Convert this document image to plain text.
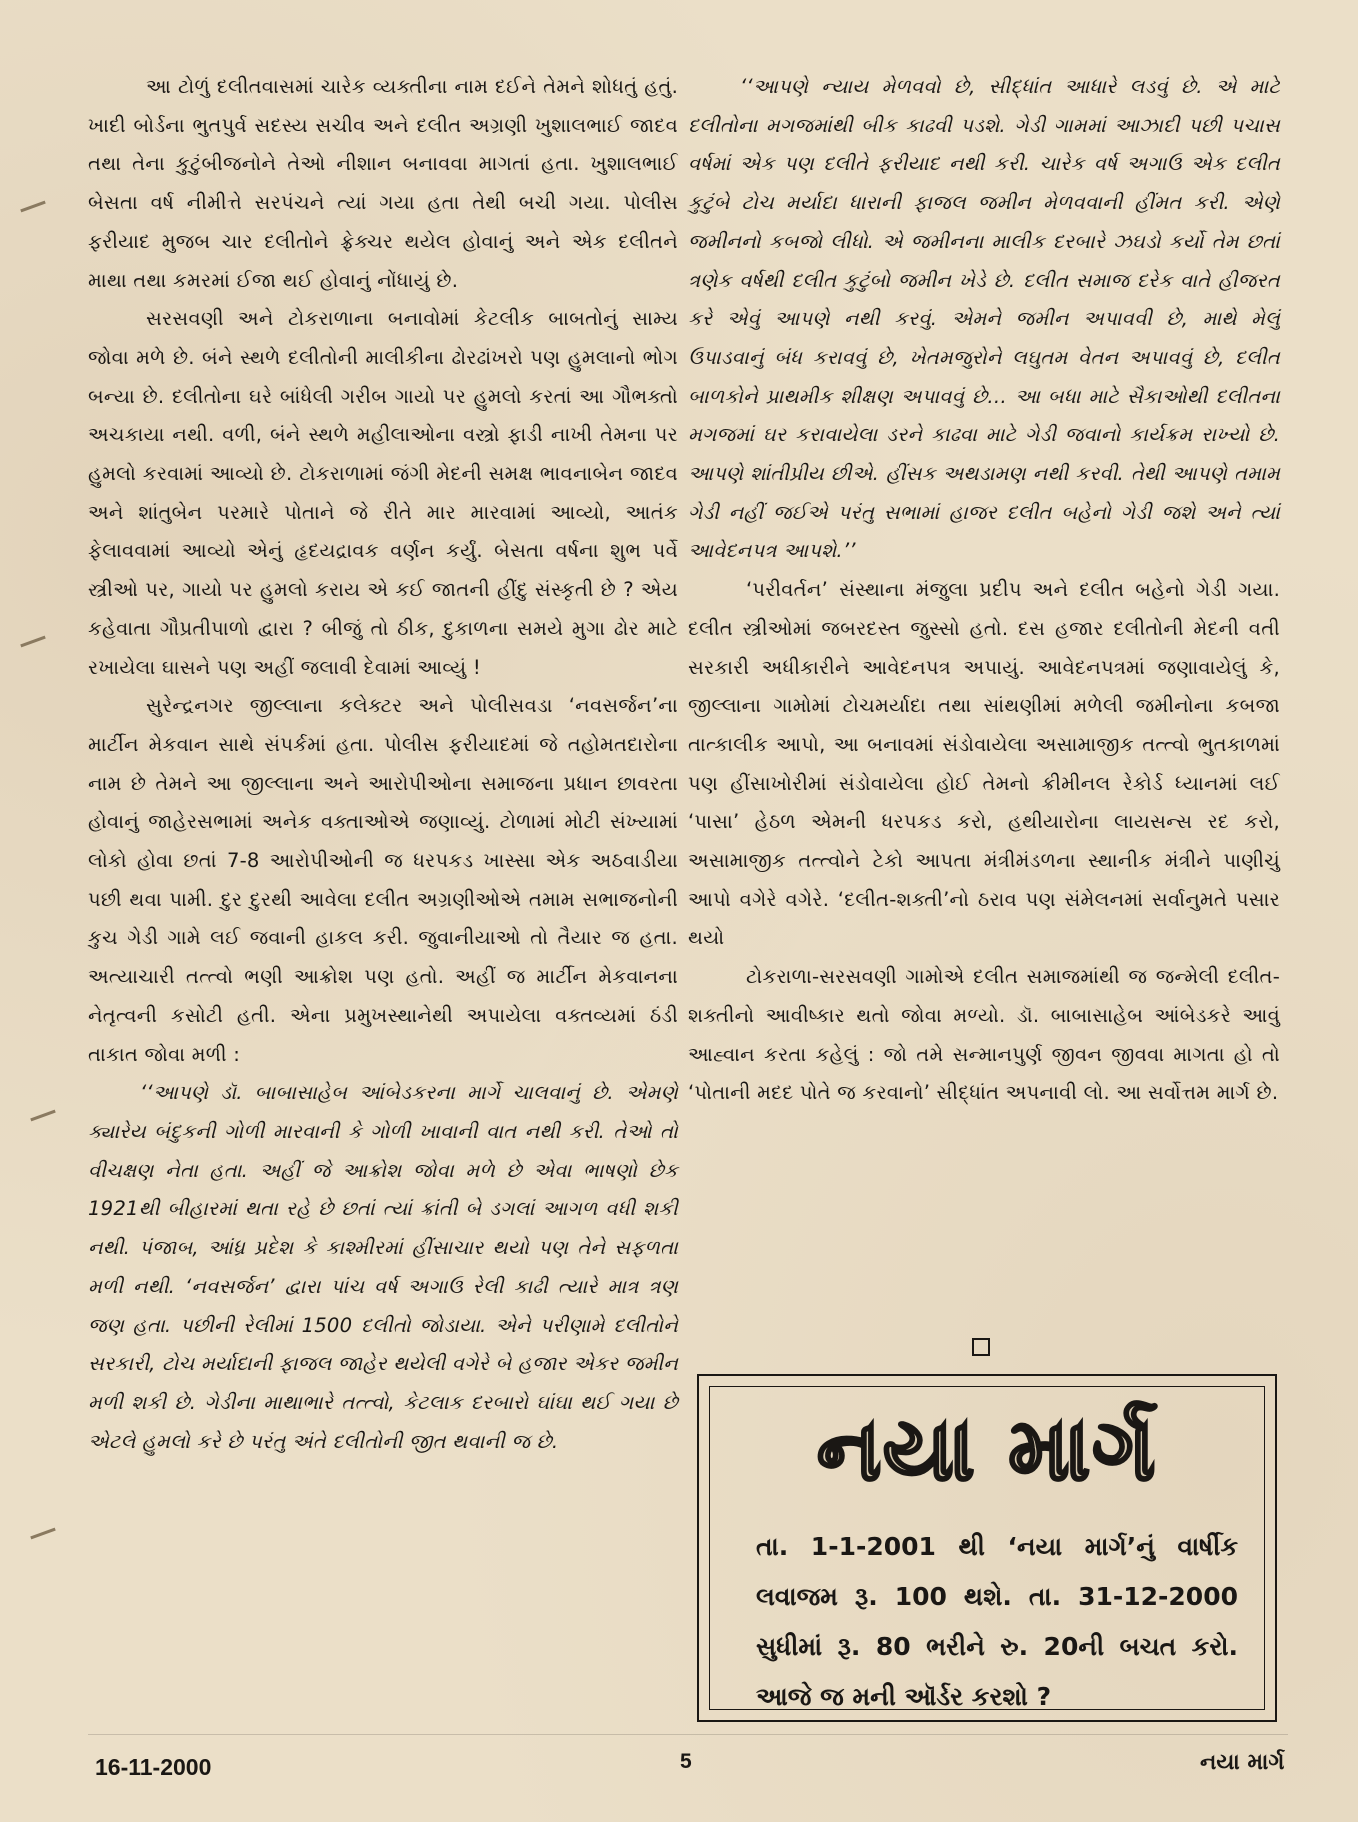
આ ટોળું દલીતવાસમાં ચારેક વ્યક્તીના નામ દઈને તેમને શોધતું હતું. ખાદી બોર્ડના ભુતપુર્વ સદસ્ય સચીવ અને દલીત અગ્રણી ખુશાલભાઈ જાદવ તથા તેના કુટુંબીજનોને તેઓ નીશાન બનાવવા માગતાં હતા. ખુશાલભાઈ બેસતા વર્ષ નીમીત્તે સરપંચને ત્યાં ગયા હતા તેથી બચી ગયા. પોલીસ ફરીયાદ મુજબ ચાર દલીતોને ફ્રેક્ચર થયેલ હોવાનું અને એક દલીતને માથા તથા કમરમાં ઈજા થઈ હોવાનું નોંધાયું છે.

સરસવણી અને ટોકરાળાના બનાવોમાં કેટલીક બાબતોનું સામ્ય જોવા મળે છે. બંને સ્થળે દલીતોની માલીકીના ઢોરઢાંખરો પણ હુમલાનો ભોગ બન્યા છે. દલીતોના ઘરે બાંધેલી ગરીબ ગાયો પર હુમલો કરતાં આ ગૌભક્તો અચકાયા નથી. વળી, બંને સ્થળે મહીલાઓના વસ્ત્રો ફાડી નાખી તેમના પર હુમલો કરવામાં આવ્યો છે. ટોકરાળામાં જંગી મેદની સમક્ષ ભાવનાબેન જાદવ અને શાંતુબેન પરમારે પોતાને જે રીતે માર મારવામાં આવ્યો, આતંક ફેલાવવામાં આવ્યો એનું હૃદયદ્રાવક વર્ણન કર્યું. બેસતા વર્ષના શુભ પર્વે સ્ત્રીઓ પર, ગાયો પર હુમલો કરાય એ કઈ જાતની હીંદુ સંસ્કૃતી છે ? એય કહેવાતા ગૌપ્રતીપાળો દ્વારા ? બીજું તો ઠીક, દુકાળના સમયે મુગા ઢોર માટે રખાયેલા ઘાસને પણ અહીં જલાવી દેવામાં આવ્યું !

સુરેન્દ્રનગર જીલ્લાના કલેક્ટર અને પોલીસવડા ‘નવસર્જન’ના માર્ટીન મેકવાન સાથે સંપર્કમાં હતા. પોલીસ ફરીયાદમાં જે તહોમતદારોના નામ છે તેમને આ જીલ્લાના અને આરોપીઓના સમાજના પ્રધાન છાવરતા હોવાનું જાહેરસભામાં અનેક વક્તાઓએ જણાવ્યું. ટોળામાં મોટી સંખ્યામાં લોકો હોવા છતાં 7-8 આરોપીઓની જ ધરપકડ ખાસ્સા એક અઠવાડીયા પછી થવા પામી. દુર દુરથી આવેલા દલીત અગ્રણીઓએ તમામ સભાજનોની કુચ ગેડી ગામે લઈ જવાની હાકલ કરી. જુવાનીયાઓ તો તૈયાર જ હતા. અત્યાચારી તત્ત્વો ભણી આક્રોશ પણ હતો. અહીં જ માર્ટીન મેકવાનના નેતૃત્વની કસોટી હતી. એના પ્રમુખસ્થાનેથી અપાયેલા વક્તવ્યમાં ઠંડી તાકાત જોવા મળી :

‘‘આપણે ડૉ. બાબાસાહેબ આંબેડકરના માર્ગે ચાલવાનું છે. એમણે ક્યારેય બંદુકની ગોળી મારવાની કે ગોળી ખાવાની વાત નથી કરી. તેઓ તો વીચક્ષણ નેતા હતા. અહીં જે આક્રોશ જોવા મળે છે એવા ભાષણો છેક 1921થી બીહારમાં થતા રહે છે છતાં ત્યાં ક્રાંતી બે ડગલાં આગળ વધી શકી નથી. પંજાબ, આંધ્ર પ્રદેશ કે કાશ્મીરમાં હીંસાચાર થયો પણ તેને સફળતા મળી નથી. ‘નવસર્જન’ દ્વારા પાંચ વર્ષ અગાઉ રેલી કાઢી ત્યારે માત્ર ત્રણ જણ હતા. પછીની રેલીમાં 1500 દલીતો જોડાયા. એને પરીણામે દલીતોને સરકારી, ટોચ મર્યાદાની ફાજલ જાહેર થયેલી વગેરે બે હજાર એકર જમીન મળી શકી છે. ગેડીના માથાભારે તત્ત્વો, કેટલાક દરબારો ઘાંઘા થઈ ગયા છે એટલે હુમલો કરે છે પરંતુ અંતે દલીતોની જીત થવાની જ છે.

‘‘આપણે ન્યાય મેળવવો છે, સીદ્ધાંત આધારે લડવું છે. એ માટે દલીતોના મગજમાંથી બીક કાઢવી પડશે. ગેડી ગામમાં આઝાદી પછી પચાસ વર્ષમાં એક પણ દલીતે ફરીયાદ નથી કરી. ચારેક વર્ષ અગાઉ એક દલીત કુટુંબે ટોચ મર્યાદા ધારાની ફાજલ જમીન મેળવવાની હીંમત કરી. એણે જમીનનો કબજો લીધો. એ જમીનના માલીક દરબારે ઝઘડો કર્યો તેમ છતાં ત્રણેક વર્ષથી દલીત કુટુંબો જમીન ખેડે છે. દલીત સમાજ દરેક વાતે હીજરત કરે એવું આપણે નથી કરવું. એમને જમીન અપાવવી છે, માથે મેલું ઉપાડવાનું બંધ કરાવવું છે, ખેતમજુરોને લઘુતમ વેતન અપાવવું છે, દલીત બાળકોને પ્રાથમીક શીક્ષણ અપાવવું છે… આ બધા માટે સૈકાઓથી દલીતના મગજમાં ઘર કરાવાયેલા ડરને કાઢવા માટે ગેડી જવાનો કાર્યક્રમ રાખ્યો છે. આપણે શાંતીપ્રીય છીએ. હીંસક અથડામણ નથી કરવી. તેથી આપણે તમામ ગેડી નહીં જઈએ પરંતુ સભામાં હાજર દલીત બહેનો ગેડી જશે અને ત્યાં આવેદનપત્ર આપશે.’’

‘પરીવર્તન’ સંસ્થાના મંજુલા પ્રદીપ અને દલીત બહેનો ગેડી ગયા. દલીત સ્ત્રીઓમાં જબરદસ્ત જુસ્સો હતો. દસ હજાર દલીતોની મેદની વતી સરકારી અધીકારીને આવેદનપત્ર અપાયું. આવેદનપત્રમાં જણાવાયેલું કે, જીલ્લાના ગામોમાં ટોચમર્યાદા તથા સાંથણીમાં મળેલી જમીનોના કબજા તાત્કાલીક આપો, આ બનાવમાં સંડોવાયેલા અસામાજીક તત્ત્વો ભુતકાળમાં પણ હીંસાખોરીમાં સંડોવાયેલા હોઈ તેમનો ક્રીમીનલ રેકોર્ડ ધ્યાનમાં લઈ ‘પાસા’ હેઠળ એમની ધરપકડ કરો, હથીયારોના લાયસન્સ રદ કરો, અસામાજીક તત્ત્વોને ટેકો આપતા મંત્રીમંડળના સ્થાનીક મંત્રીને પાણીચું આપો વગેરે વગેરે. ‘દલીત-શક્તી’નો ઠરાવ પણ સંમેલનમાં સર્વાનુમતે પસાર થયો

ટોકરાળા-સરસવણી ગામોએ દલીત સમાજમાંથી જ જન્મેલી દલીત-શક્તીનો આવીષ્કાર થતો જોવા મળ્યો. ડૉ. બાબાસાહેબ આંબેડકરે આવું આહ્વાન કરતા કહેલું : જો તમે સન્માનપુર્ણ જીવન જીવવા માગતા હો તો ‘પોતાની મદદ પોતે જ કરવાનો’ સીદ્ધાંત અપનાવી લો. આ સર્વોત્તમ માર્ગ છે.

નયા માર્ગ
તા. 1-1-2001 થી ‘નયા માર્ગ’નું વાર્ષીક લવાજમ રૂ. 100 થશે. તા. 31-12-2000 સુધીમાં રૂ. 80 ભરીને રુ. 20ની બચત કરો. આજે જ મની ઑર્ડર કરશો ?
16-11-2000	5	નયા માર્ગ
